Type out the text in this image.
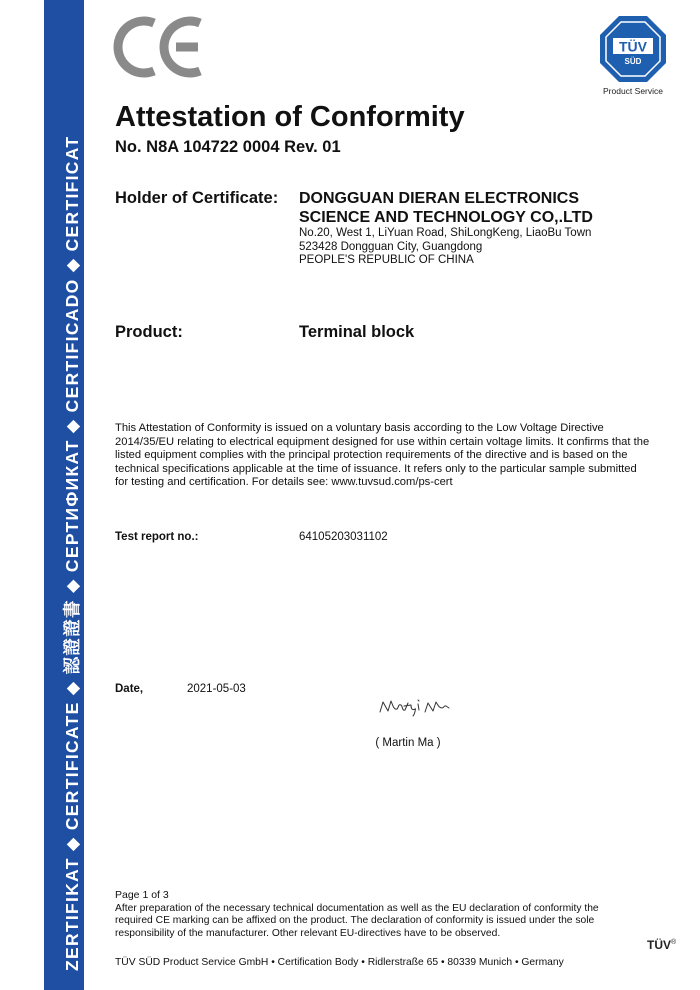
ZERTIFIKAT ◆ CERTIFICATE ◆ 認證證書 ◆ СЕРТИФИКАТ ◆ CERTIFICADO ◆ CERTIFICAT
TÜV
SÜD
Product Service
Attestation of Conformity
No. N8A 104722 0004 Rev. 01
Holder of Certificate: DONGGUAN DIERAN ELECTRONICS
SCIENCE AND TECHNOLOGY CO,.LTD
No.20, West 1, LiYuan Road, ShiLongKeng, LiaoBu Town
523428 Dongguan City, Guangdong
PEOPLE'S REPUBLIC OF CHINA
Product:	Terminal block
This Attestation of Conformity is issued on a voluntary basis according to the Low Voltage Directive 2014/35/EU relating to electrical equipment designed for use within certain voltage limits. It confirms that the listed equipment complies with the principal protection requirements of the directive and is based on the technical specifications applicable at the time of issuance. It refers only to the particular sample submitted for testing and certification. For details see: www.tuvsud.com/ps-cert
Test report no.:	64105203031102
Date,	2021-05-03
( Martin Ma )
Page 1 of 3
After preparation of the necessary technical documentation as well as the EU declaration of conformity the required CE marking can be affixed on the product. The declaration of conformity is issued under the sole responsibility of the manufacturer. Other relevant EU-directives have to be observed.
TÜV®
TÜV SÜD Product Service GmbH • Certification Body • Ridlerstraße 65 • 80339 Munich • Germany
